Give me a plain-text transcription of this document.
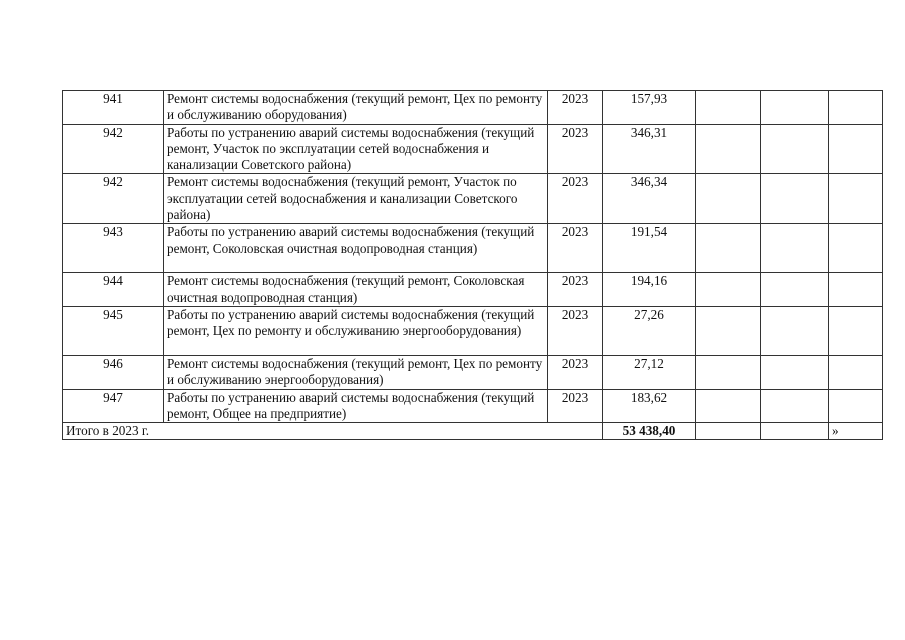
941	Ремонт системы водоснабжения (текущий ремонт, Цех по ремонту и обслуживанию оборудования)	2023	157,93			
942	Работы по устранению аварий системы водоснабжения (текущий ремонт, Участок по эксплуатации сетей водоснабжения и канализации Советского района)	2023	346,31			
942	Ремонт системы водоснабжения (текущий ремонт, Участок по эксплуатации сетей водоснабжения и канализации Советского района)	2023	346,34			
943	Работы по устранению аварий системы водоснабжения (текущий ремонт, Соколовская очистная водопроводная станция)	2023	191,54			
944	Ремонт системы водоснабжения (текущий ремонт, Соколовская очистная водопроводная станция)	2023	194,16			
945	Работы по устранению аварий системы водоснабжения (текущий ремонт, Цех по ремонту и обслуживанию энергооборудования)	2023	27,26			
946	Ремонт системы водоснабжения (текущий ремонт, Цех по ремонту и обслуживанию энергооборудования)	2023	27,12			
947	Работы по устранению аварий системы водоснабжения (текущий ремонт, Общее на предприятие)	2023	183,62			
Итого в 2023 г.			53 438,40			»
